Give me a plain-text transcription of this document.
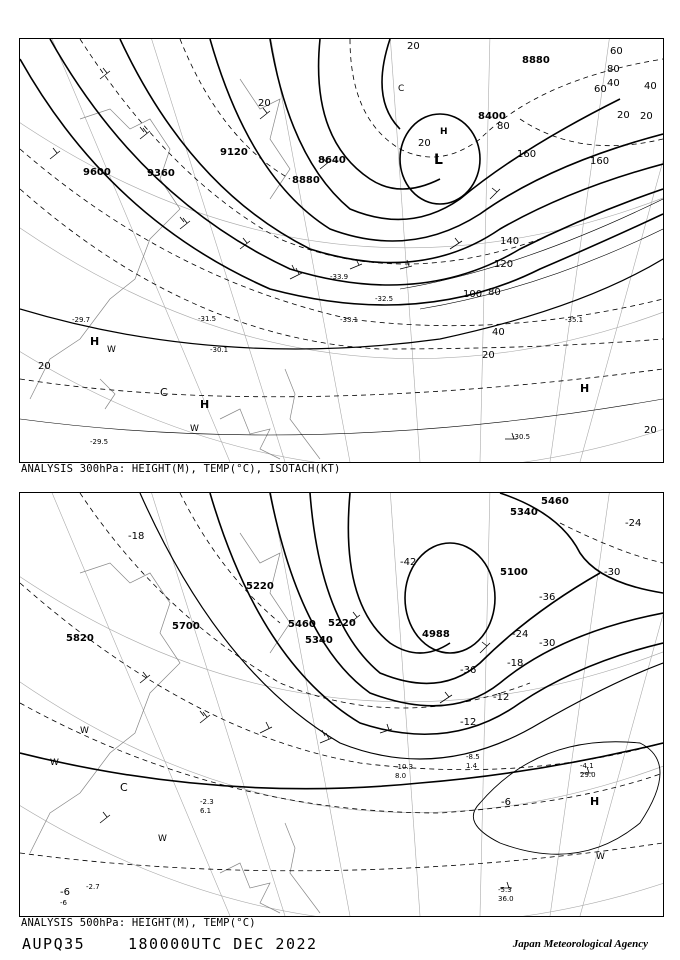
9600	9360
9120
8880
8640
8400
8880
160
160
140
120
100 80
40
20
20
20
80
60
40
20
60
80
40
20
20
20
20
-30.5
-29.7	-35.1
-33.1
-32.5
-31.5
-30.1
-29.5
-33.9
H
H
H
H
L
C
C
W
W
ANALYSIS 300hPa: HEIGHT(M), TEMP(°C), ISOTACH(KT)
5460
5340
5220
5100
5700
5820
5460
5340
5220
4988
-18
-24
-30
-36
-42
-36
-30
-24
-18
-12
-6
-6
-12
-4.1
29.0
-5.3
36.0
-8.5
1.4
-10.3
8.0
-2.3
6.1
-2.7
-6
H
C
W
W
W
W
ANALYSIS 500hPa: HEIGHT(M), TEMP(°C)
AUPQ35	180000UTC DEC 2022	Japan Meteorological Agency
